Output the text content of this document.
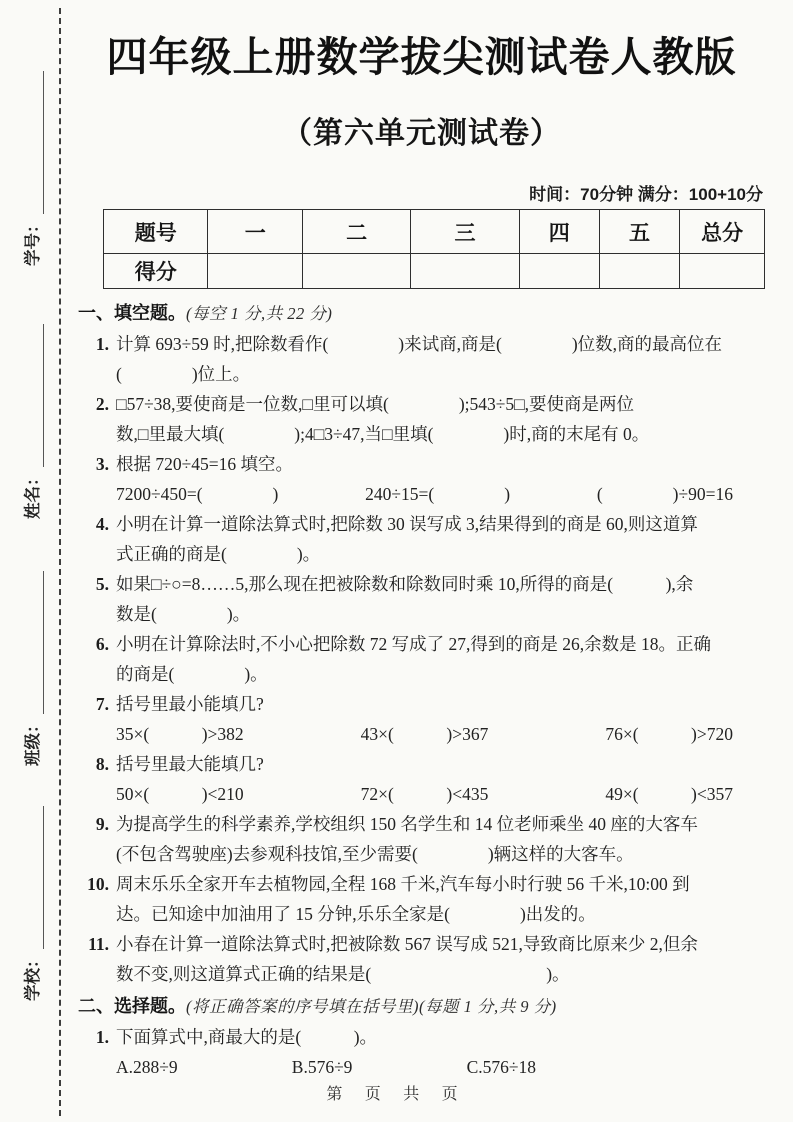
学号：
姓名：
班级：
学校：
四年级上册数学拔尖测试卷人教版
（第六单元测试卷）
时间：70分钟 满分：100+10分
题号	一	二	三	四	五	总分
得分						
一、填空题。(每空 1 分,共 22 分)
1. 计算 693÷59 时,把除数看作(　　　　)来试商,商是(　　　　)位数,商的最高位在
(　　　　)位上。
2. □57÷38,要使商是一位数,□里可以填(　　　　);543÷5□,要使商是两位
数,□里最大填(　　　　);4□3÷47,当□里填(　　　　)时,商的末尾有 0。
3. 根据 720÷45=16 填空。
7200÷450=(　　　　)	240÷15=(　　　　)	(　　　　)÷90=16
4. 小明在计算一道除法算式时,把除数 30 误写成 3,结果得到的商是 60,则这道算
式正确的商是(　　　　)。
5. 如果□÷○=8……5,那么现在把被除数和除数同时乘 10,所得的商是(　　　),余
数是(　　　　)。
6. 小明在计算除法时,不小心把除数 72 写成了 27,得到的商是 26,余数是 18。正确
的商是(　　　　)。
7. 括号里最小能填几?
35×(　　　)>382	43×(　　　)>367	76×(　　　)>720
8. 括号里最大能填几?
50×(　　　)<210	72×(　　　)<435	49×(　　　)<357
9. 为提高学生的科学素养,学校组织 150 名学生和 14 位老师乘坐 40 座的大客车
(不包含驾驶座)去参观科技馆,至少需要(　　　　)辆这样的大客车。
10. 周末乐乐全家开车去植物园,全程 168 千米,汽车每小时行驶 56 千米,10:00 到
达。已知途中加油用了 15 分钟,乐乐全家是(　　　　)出发的。
11. 小春在计算一道除法算式时,把被除数 567 误写成 521,导致商比原来少 2,但余
数不变,则这道算式正确的结果是(　　　　　　　　　　)。
二、选择题。(将正确答案的序号填在括号里)(每题 1 分,共 9 分)
1. 下面算式中,商最大的是(　　　)。
A.288÷9	B.576÷9	C.576÷18
第 页 共 页
